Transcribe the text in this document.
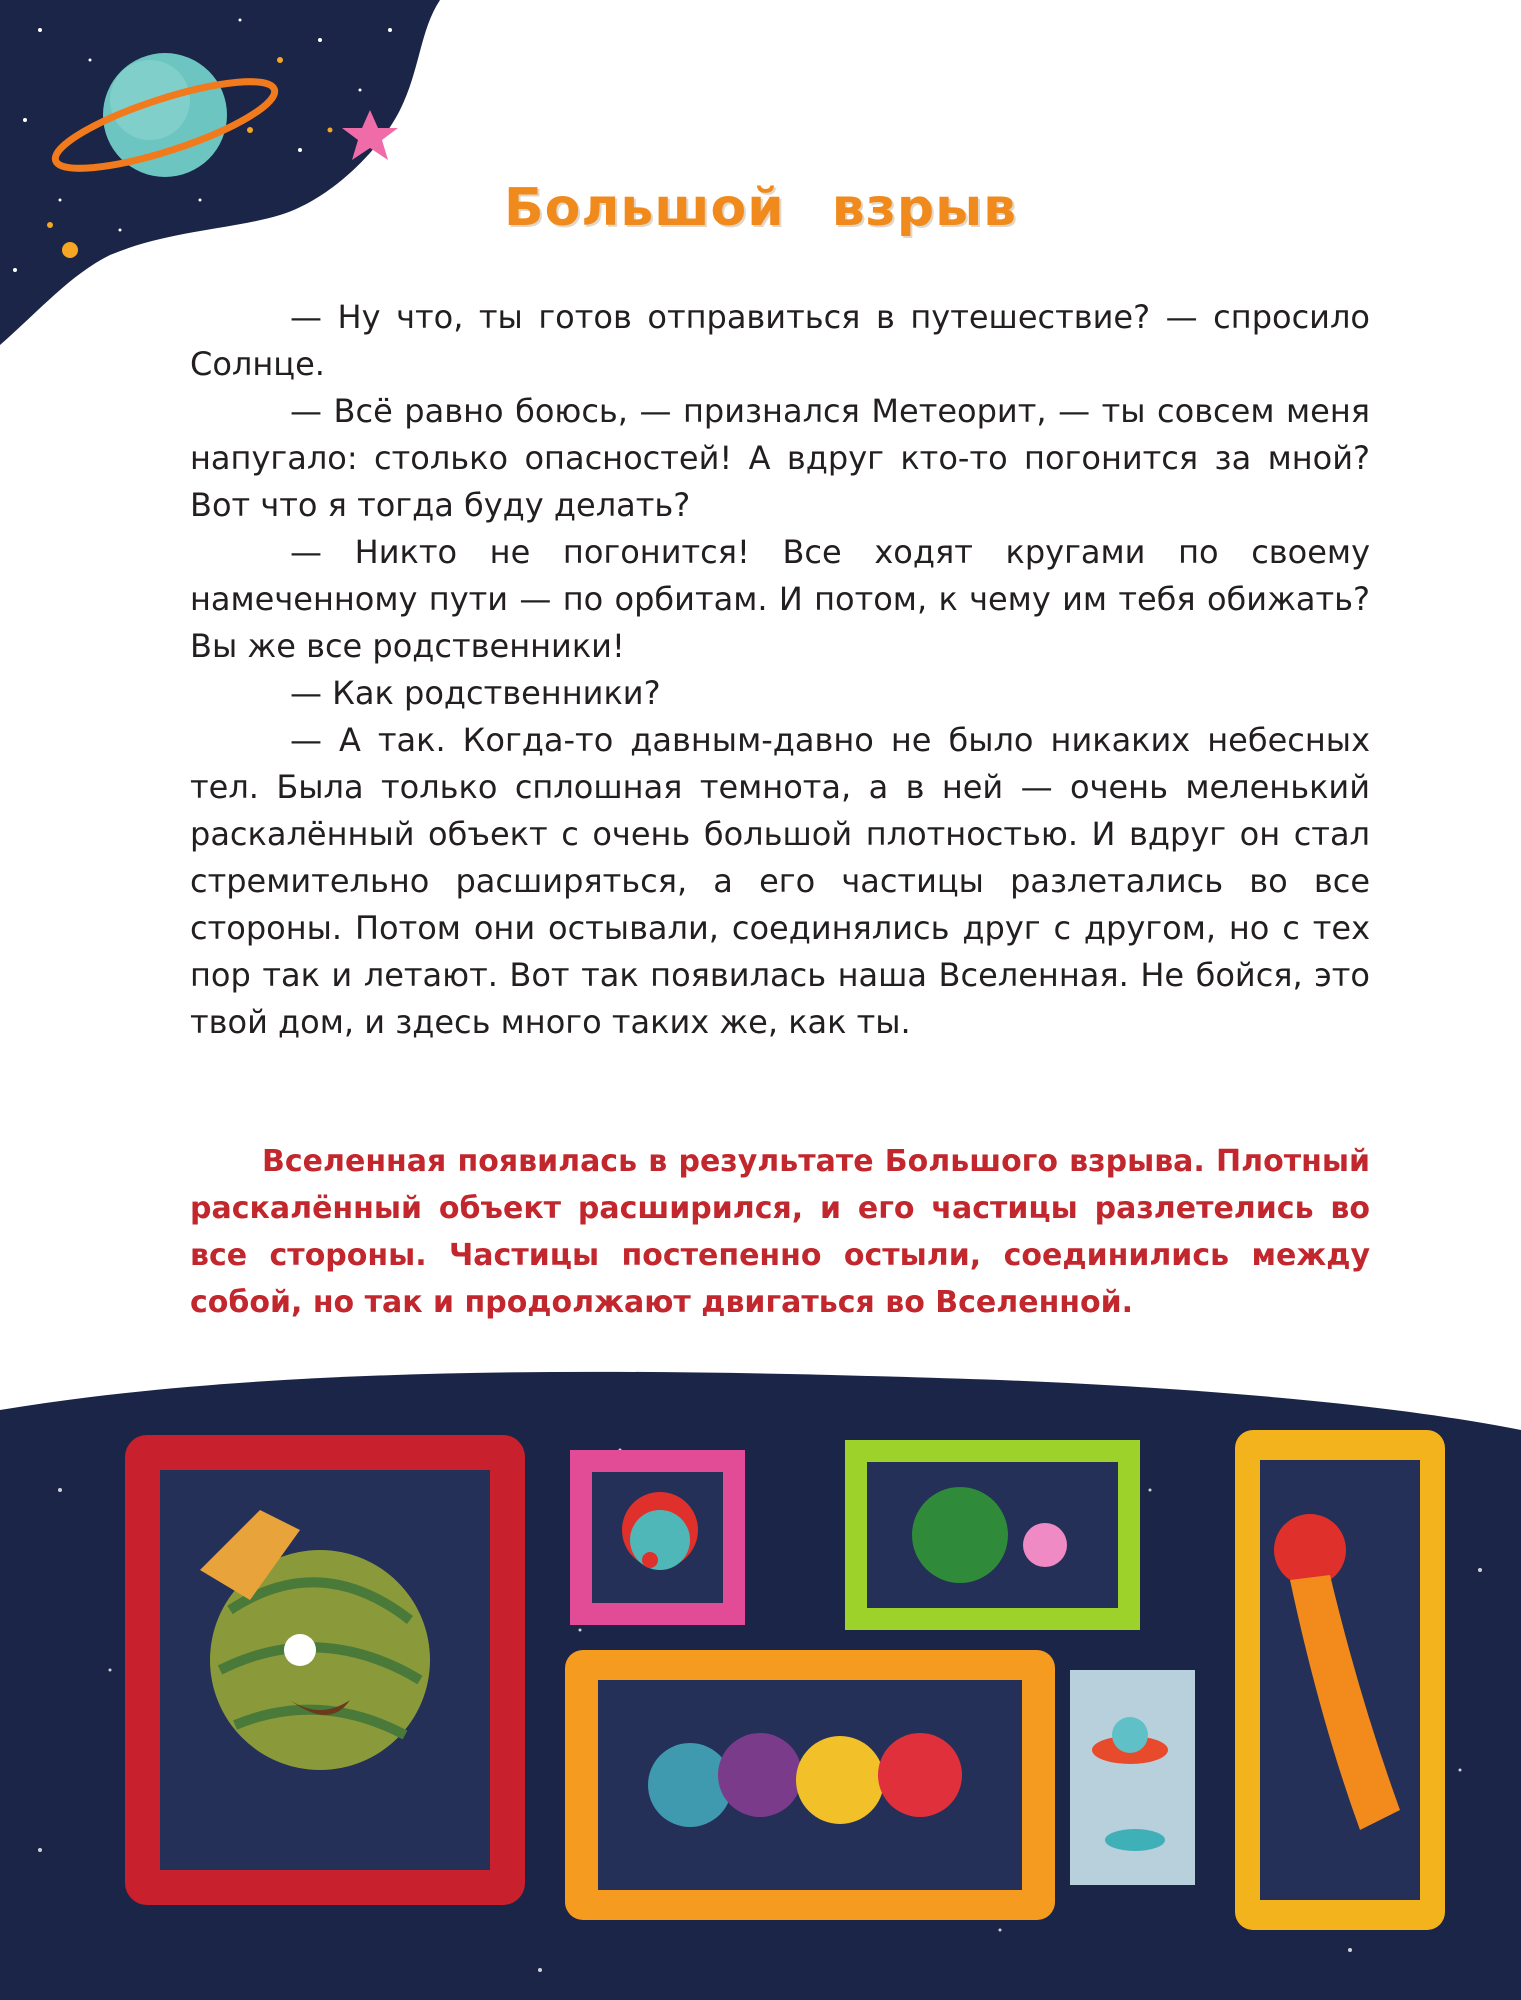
Большой взрыв

— Ну что, ты готов отправиться в путешествие? — спросило Солнце.

— Всё равно боюсь, — признался Метеорит, — ты совсем меня напугало: столько опасностей! А вдруг кто-то погонится за мной? Вот что я тогда буду делать?

— Никто не погонится! Все ходят кругами по своему намеченному пути — по орбитам. И потом, к чему им тебя обижать? Вы же все родственники!

— Как родственники?

— А так. Когда-то давным-давно не было никаких небесных тел. Была только сплошная темнота, а в ней — очень меленький раскалённый объект с очень большой плотностью. И вдруг он стал стремительно расширяться, а его частицы разлетались во все стороны. Потом они остывали, соединялись друг с другом, но с тех пор так и летают. Вот так появилась наша Вселенная. Не бойся, это твой дом, и здесь много таких же, как ты.

Вселенная появилась в результате Большого взрыва. Плотный раскалённый объект расширился, и его частицы разлетелись во все стороны. Частицы постепенно остыли, соединились между собой, но так и продолжают двигаться во Вселенной.
